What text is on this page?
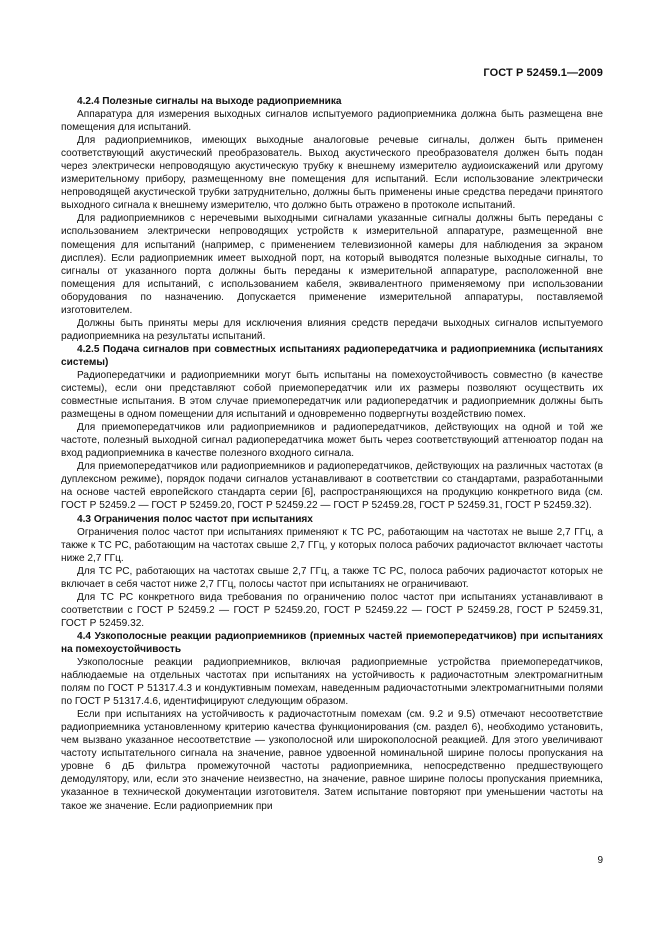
ГОСТ Р 52459.1—2009
4.2.4 Полезные сигналы на выходе радиоприемника

Аппаратура для измерения выходных сигналов испытуемого радиоприемника должна быть размещена вне помещения для испытаний.

Для радиоприемников, имеющих выходные аналоговые речевые сигналы, должен быть применен соответствующий акустический преобразователь. Выход акустического преобразователя должен быть подан через электрически непроводящую акустическую трубку к внешнему измерителю аудиоискажений или другому измерительному прибору, размещенному вне помещения для испытаний. Если использование электрически непроводящей акустической трубки затруднительно, должны быть применены иные средства передачи принятого выходного сигнала к внешнему измерителю, что должно быть отражено в протоколе испытаний.

Для радиоприемников с неречевыми выходными сигналами указанные сигналы должны быть переданы с использованием электрически непроводящих устройств к измерительной аппаратуре, размещенной вне помещения для испытаний (например, с применением телевизионной камеры для наблюдения за экраном дисплея). Если радиоприемник имеет выходной порт, на который выводятся полезные выходные сигналы, то сигналы от указанного порта должны быть переданы к измерительной аппаратуре, расположенной вне помещения для испытаний, с использованием кабеля, эквивалентного применяемому при использовании оборудования по назначению. Допускается применение измерительной аппаратуры, поставляемой изготовителем.

Должны быть приняты меры для исключения влияния средств передачи выходных сигналов испытуемого радиоприемника на результаты испытаний.

4.2.5 Подача сигналов при совместных испытаниях радиопередатчика и радиоприемника (испытаниях системы)

Радиопередатчики и радиоприемники могут быть испытаны на помехоустойчивость совместно (в качестве системы), если они представляют собой приемопередатчик или их размеры позволяют осуществить их совместные испытания. В этом случае приемопередатчик или радиопередатчик и радиоприемник должны быть размещены в одном помещении для испытаний и одновременно подвергнуты воздействию помех.

Для приемопередатчиков или радиоприемников и радиопередатчиков, действующих на одной и той же частоте, полезный выходной сигнал радиопередатчика может быть через соответствующий аттенюатор подан на вход радиоприемника в качестве полезного входного сигнала.

Для приемопередатчиков или радиоприемников и радиопередатчиков, действующих на различных частотах (в дуплексном режиме), порядок подачи сигналов устанавливают в соответствии со стандартами, разработанными на основе частей европейского стандарта серии [6], распространяющихся на продукцию конкретного вида (см. ГОСТ Р 52459.2 — ГОСТ Р 52459.20, ГОСТ Р 52459.22 — ГОСТ Р 52459.28, ГОСТ Р 52459.31, ГОСТ Р 52459.32).

4.3 Ограничения полос частот при испытаниях

Ограничения полос частот при испытаниях применяют к ТС РС, работающим на частотах не выше 2,7 ГГц, а также к ТС РС, работающим на частотах свыше 2,7 ГГц, у которых полоса рабочих радиочастот включает частоты ниже 2,7 ГГц.

Для ТС РС, работающих на частотах свыше 2,7 ГГц, а также ТС РС, полоса рабочих радиочастот которых не включает в себя частот ниже 2,7 ГГц, полосы частот при испытаниях не ограничивают.

Для ТС РС конкретного вида требования по ограничению полос частот при испытаниях устанавливают в соответствии с ГОСТ Р 52459.2 — ГОСТ Р 52459.20, ГОСТ Р 52459.22 — ГОСТ Р 52459.28, ГОСТ Р 52459.31, ГОСТ Р 52459.32.

4.4 Узкополосные реакции радиоприемников (приемных частей приемопередатчиков) при испытаниях на помехоустойчивость

Узкополосные реакции радиоприемников, включая радиоприемные устройства приемопередатчиков, наблюдаемые на отдельных частотах при испытаниях на устойчивость к радиочастотным электромагнитным полям по ГОСТ Р 51317.4.3 и кондуктивным помехам, наведенным радиочастотными электромагнитными полями по ГОСТ Р 51317.4.6, идентифицируют следующим образом.

Если при испытаниях на устойчивость к радиочастотным помехам (см. 9.2 и 9.5) отмечают несоответствие радиоприемника установленному критерию качества функционирования (см. раздел 6), необходимо установить, чем вызвано указанное несоответствие — узкополосной или широкополосной реакцией. Для этого увеличивают частоту испытательного сигнала на значение, равное удвоенной номинальной ширине полосы пропускания на уровне 6 дБ фильтра промежуточной частоты радиоприемника, непосредственно предшествующего демодулятору, или, если это значение неизвестно, на значение, равное ширине полосы пропускания приемника, указанное в технической документации изготовителя. Затем испытание повторяют при уменьшении частоты на такое же значение. Если радиоприемник при

9
